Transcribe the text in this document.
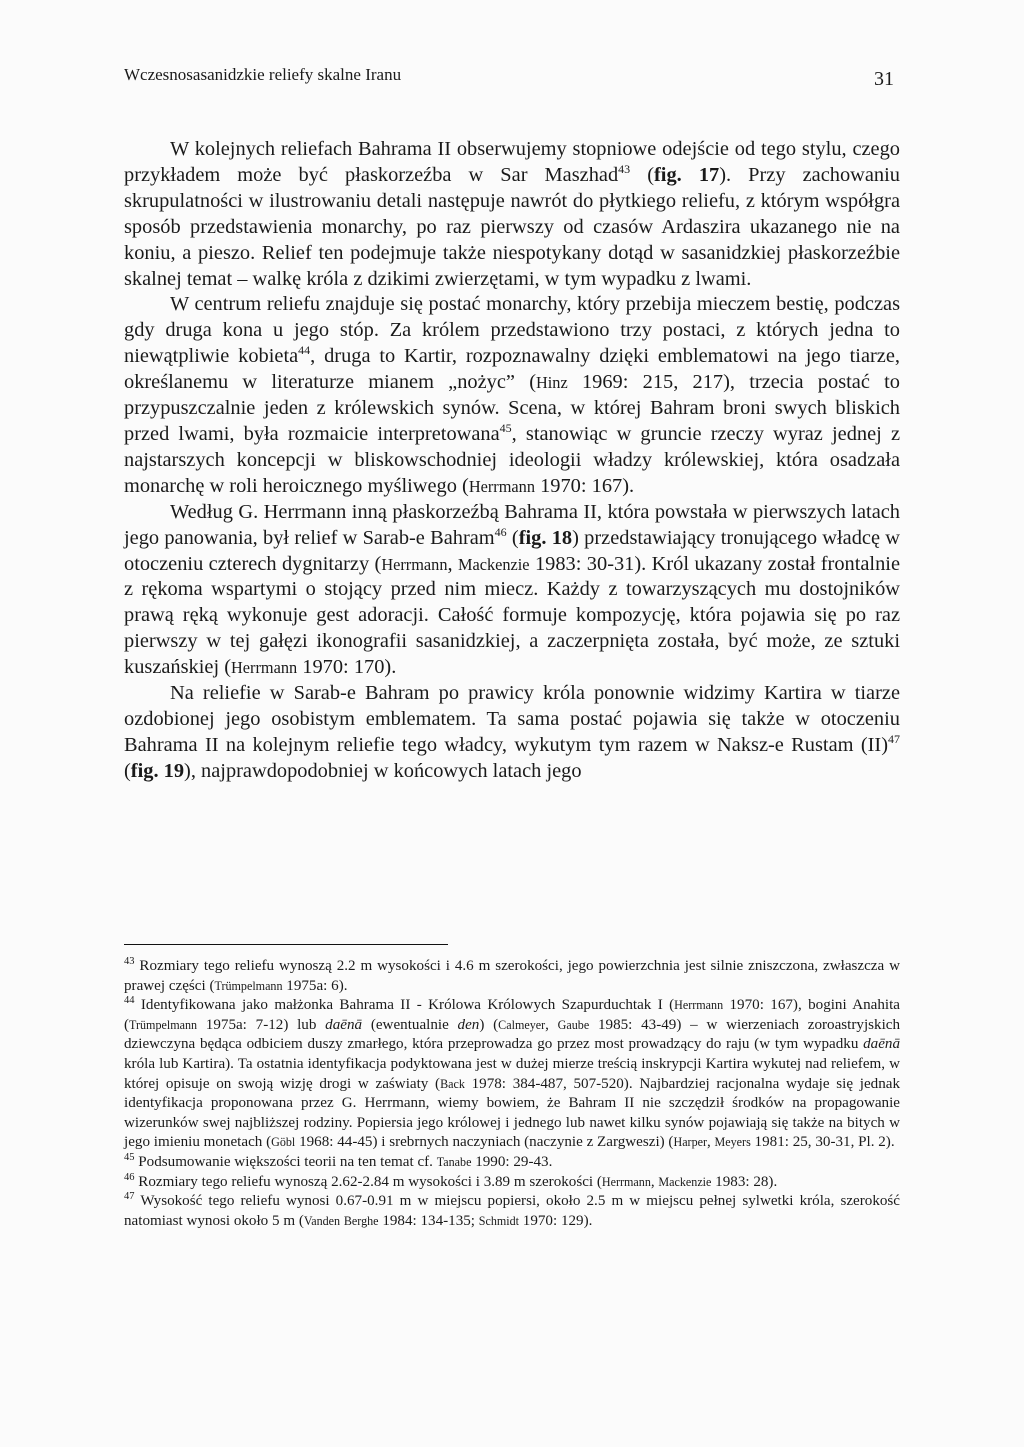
Wczesnosasanidzkie reliefy skalne Iranu	31

W kolejnych reliefach Bahrama II obserwujemy stopniowe odejście od tego stylu, czego przykładem może być płaskorzeźba w Sar Maszhad$^{43}$ (fig. 17). Przy zachowaniu skrupulatności w ilustrowaniu detali następuje nawrót do płytkiego reliefu, z którym współgra sposób przedstawienia monarchy, po raz pierwszy od czasów Ardaszira ukazanego nie na koniu, a pieszo. Relief ten podejmuje także niespotykany dotąd w sasanidzkiej płaskorzeźbie skalnej temat – walkę króla z dzikimi zwierzętami, w tym wypadku z lwami.

W centrum reliefu znajduje się postać monarchy, który przebija mieczem bestię, podczas gdy druga kona u jego stóp. Za królem przedstawiono trzy postaci, z których jedna to niewątpliwie kobieta$^{44}$, druga to Kartir, rozpoznawalny dzięki emblematowi na jego tiarze, określanemu w literaturze mianem „nożyc” (Hinz 1969: 215, 217), trzecia postać to przypuszczalnie jeden z królewskich synów. Scena, w której Bahram broni swych bliskich przed lwami, była rozmaicie interpretowana$^{45}$, stanowiąc w gruncie rzeczy wyraz jednej z najstarszych koncepcji w bliskowschodniej ideologii władzy królewskiej, która osadzała monarchę w roli heroicznego myśliwego (Herrmann 1970: 167).

Według G. Herrmann inną płaskorzeźbą Bahrama II, która powstała w pierwszych latach jego panowania, był relief w Sarab-e Bahram$^{46}$ (fig. 18) przedstawiający tronującego władcę w otoczeniu czterech dygnitarzy (Herrmann, Mackenzie 1983: 30-31). Król ukazany został frontalnie z rękoma wspartymi o stojący przed nim miecz. Każdy z towarzyszących mu dostojników prawą ręką wykonuje gest adoracji. Całość formuje kompozycję, która pojawia się po raz pierwszy w tej gałęzi ikonografii sasanidzkiej, a zaczerpnięta została, być może, ze sztuki kuszańskiej (Herrmann 1970: 170).

Na reliefie w Sarab-e Bahram po prawicy króla ponownie widzimy Kartira w tiarze ozdobionej jego osobistym emblematem. Ta sama postać pojawia się także w otoczeniu Bahrama II na kolejnym reliefie tego władcy, wykutym tym razem w Naksz-e Rustam (II)$^{47}$ (fig. 19), najprawdopodobniej w końcowych latach jego

$^{43}$ Rozmiary tego reliefu wynoszą 2.2 m wysokości i 4.6 m szerokości, jego powierzchnia jest silnie zniszczona, zwłaszcza w prawej części (Trümpelmann 1975a: 6).

$^{44}$ Identyfikowana jako małżonka Bahrama II - Królowa Królowych Szapurduchtak I (Herrmann 1970: 167), bogini Anahita (Trümpelmann 1975a: 7-12) lub daēnā (ewentualnie den) (Calmeyer, Gaube 1985: 43-49) – w wierzeniach zoroastryjskich dziewczyna będąca odbiciem duszy zmarłego, która przeprowadza go przez most prowadzący do raju (w tym wypadku daēnā króla lub Kartira). Ta ostatnia identyfikacja podyktowana jest w dużej mierze treścią inskrypcji Kartira wykutej nad reliefem, w której opisuje on swoją wizję drogi w zaświaty (Back 1978: 384-487, 507-520). Najbardziej racjonalna wydaje się jednak identyfikacja proponowana przez G. Herrmann, wiemy bowiem, że Bahram II nie szczędził środków na propagowanie wizerunków swej najbliższej rodziny. Popiersia jego królowej i jednego lub nawet kilku synów pojawiają się także na bitych w jego imieniu monetach (Göbl 1968: 44-45) i srebrnych naczyniach (naczynie z Zargweszi) (Harper, Meyers 1981: 25, 30-31, Pl. 2).

$^{45}$ Podsumowanie większości teorii na ten temat cf. Tanabe 1990: 29-43.

$^{46}$ Rozmiary tego reliefu wynoszą 2.62-2.84 m wysokości i 3.89 m szerokości (Herrmann, Mackenzie 1983: 28).

$^{47}$ Wysokość tego reliefu wynosi 0.67-0.91 m w miejscu popiersi, około 2.5 m w miejscu pełnej sylwetki króla, szerokość natomiast wynosi około 5 m (Vanden Berghe 1984: 134-135; Schmidt 1970: 129).
